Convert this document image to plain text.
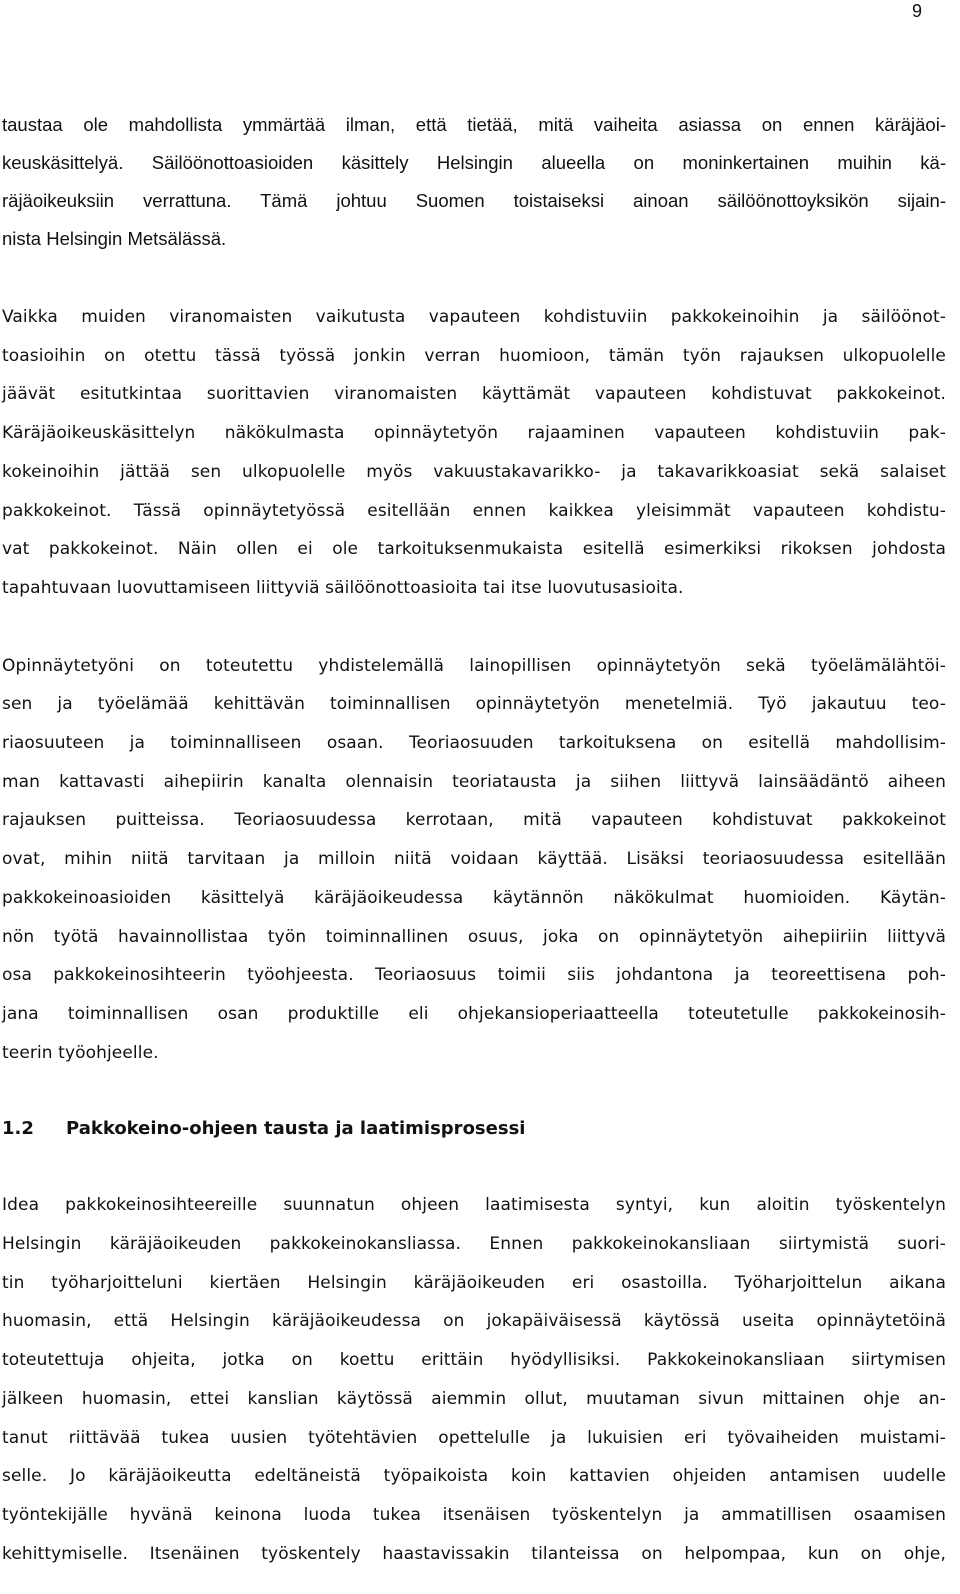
9

taustaa ole mahdollista ymmärtää ilman, että tietää, mitä vaiheita asiassa on ennen käräjäoi-
keuskäsittelyä. Säilöönottoasioiden käsittely Helsingin alueella on moninkertainen muihin kä-
räjäoikeuksiin verrattuna. Tämä johtuu Suomen toistaiseksi ainoan säilöönottoyksikön sijain-
nista Helsingin Metsälässä.

Vaikka muiden viranomaisten vaikutusta vapauteen kohdistuviin pakkokeinoihin ja säilöönot-
toasioihin on otettu tässä työssä jonkin verran huomioon, tämän työn rajauksen ulkopuolelle
jäävät esitutkintaa suorittavien viranomaisten käyttämät vapauteen kohdistuvat pakkokeinot.
Käräjäoikeuskäsittelyn näkökulmasta opinnäytetyön rajaaminen vapauteen kohdistuviin pak-
kokeinoihin jättää sen ulkopuolelle myös vakuustakavarikko- ja takavarikkoasiat sekä salaiset
pakkokeinot. Tässä opinnäytetyössä esitellään ennen kaikkea yleisimmät vapauteen kohdistu-
vat pakkokeinot. Näin ollen ei ole tarkoituksenmukaista esitellä esimerkiksi rikoksen johdosta
tapahtuvaan luovuttamiseen liittyviä säilöönottoasioita tai itse luovutusasioita.

Opinnäytetyöni on toteutettu yhdistelemällä lainopillisen opinnäytetyön sekä työelämälähtöi-
sen ja työelämää kehittävän toiminnallisen opinnäytetyön menetelmiä. Työ jakautuu teo-
riaosuuteen ja toiminnalliseen osaan. Teoriaosuuden tarkoituksena on esitellä mahdollisim-
man kattavasti aihepiirin kanalta olennaisin teoriatausta ja siihen liittyvä lainsäädäntö aiheen
rajauksen puitteissa. Teoriaosuudessa kerrotaan, mitä vapauteen kohdistuvat pakkokeinot
ovat, mihin niitä tarvitaan ja milloin niitä voidaan käyttää. Lisäksi teoriaosuudessa esitellään
pakkokeinoasioiden käsittelyä käräjäoikeudessa käytännön näkökulmat huomioiden. Käytän-
nön työtä havainnollistaa työn toiminnallinen osuus, joka on opinnäytetyön aihepiiriin liittyvä
osa pakkokeinosihteerin työohjeesta. Teoriaosuus toimii siis johdantona ja teoreettisena poh-
jana toiminnallisen osan produktille eli ohjekansioperiaatteella toteutetulle pakkokeinosih-
teerin työohjeelle.

1.2	Pakkokeino-ohjeen tausta ja laatimisprosessi

Idea pakkokeinosihteereille suunnatun ohjeen laatimisesta syntyi, kun aloitin työskentelyn
Helsingin käräjäoikeuden pakkokeinokansliassa. Ennen pakkokeinokansliaan siirtymistä suori-
tin työharjoitteluni kiertäen Helsingin käräjäoikeuden eri osastoilla. Työharjoittelun aikana
huomasin, että Helsingin käräjäoikeudessa on jokapäiväisessä käytössä useita opinnäytetöinä
toteutettuja ohjeita, jotka on koettu erittäin hyödyllisiksi. Pakkokeinokansliaan siirtymisen
jälkeen huomasin, ettei kanslian käytössä aiemmin ollut, muutaman sivun mittainen ohje an-
tanut riittävää tukea uusien työtehtävien opettelulle ja lukuisien eri työvaiheiden muistami-
selle. Jo käräjäoikeutta edeltäneistä työpaikoista koin kattavien ohjeiden antamisen uudelle
työntekijälle hyvänä keinona luoda tukea itsenäisen työskentelyn ja ammatillisen osaamisen
kehittymiselle. Itsenäinen työskentely haastavissakin tilanteissa on helpompaa, kun on ohje,
